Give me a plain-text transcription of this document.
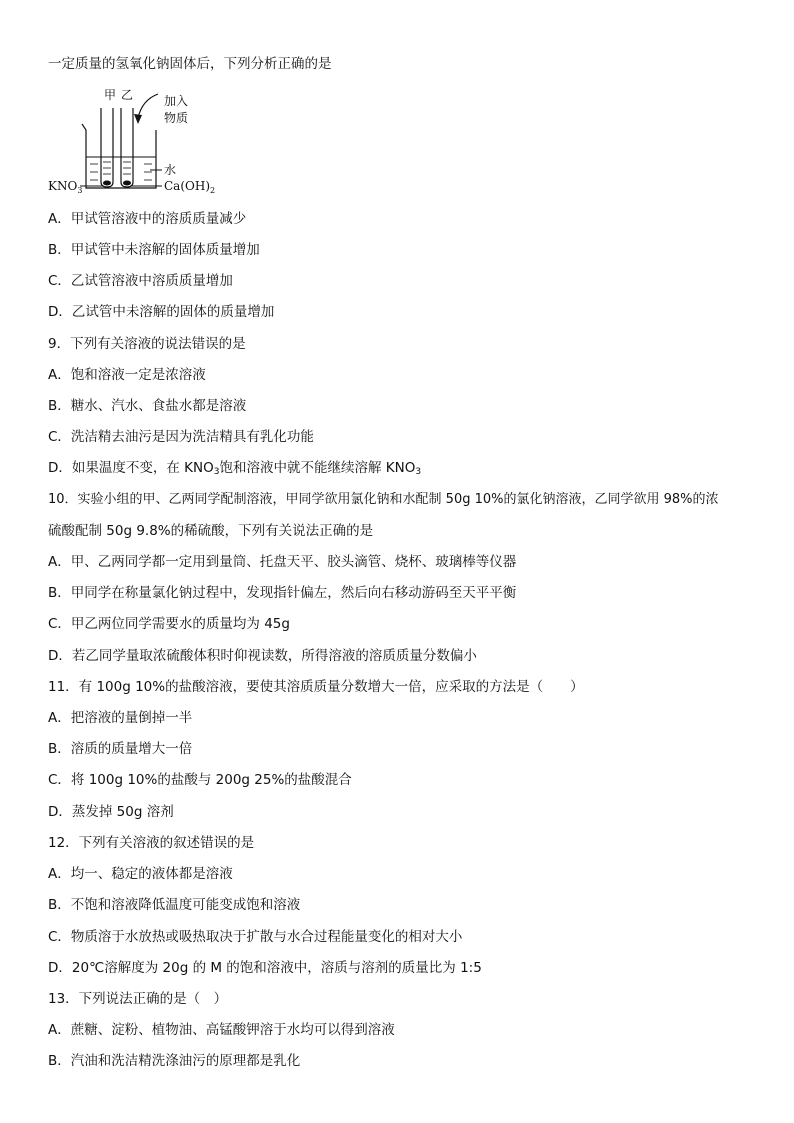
一定质量的氢氧化钠固体后，下列分析正确的是
甲 乙	加入
物质
水
$KNO_3$	$Ca(OH)_2$
A．甲试管溶液中的溶质质量减少
B．甲试管中未溶解的固体质量增加
C．乙试管溶液中溶质质量增加
D．乙试管中未溶解的固体的质量增加
9．下列有关溶液的说法错误的是
A．饱和溶液一定是浓溶液
B．糖水、汽水、食盐水都是溶液
C．洗洁精去油污是因为洗洁精具有乳化功能
D．如果温度不变，在 $KNO_3$饱和溶液中就不能继续溶解 $KNO_3$
10．实验小组的甲、乙两同学配制溶液，甲同学欲用氯化钠和水配制 50g 10%的氯化钠溶液，乙同学欲用 98%的浓
硫酸配制 50g 9.8%的稀硫酸，下列有关说法正确的是
A．甲、乙两同学都一定用到量筒、托盘天平、胶头滴管、烧杯、玻璃棒等仪器
B．甲同学在称量氯化钠过程中，发现指针偏左，然后向右移动游码至天平平衡
C．甲乙两位同学需要水的质量均为 45g
D．若乙同学量取浓硫酸体积时仰视读数，所得溶液的溶质质量分数偏小
11．有 100g 10%的盐酸溶液，要使其溶质质量分数增大一倍，应采取的方法是（　　）
A．把溶液的量倒掉一半
B．溶质的质量增大一倍
C．将 100g 10%的盐酸与 200g 25%的盐酸混合
D．蒸发掉 50g 溶剂
12．下列有关溶液的叙述错误的是
A．均一、稳定的液体都是溶液
B．不饱和溶液降低温度可能变成饱和溶液
C．物质溶于水放热或吸热取决于扩散与水合过程能量变化的相对大小
D．20℃溶解度为 20g 的 M 的饱和溶液中，溶质与溶剂的质量比为 1:5
13．下列说法正确的是（　）
A．蔗糖、淀粉、植物油、高锰酸钾溶于水均可以得到溶液
B．汽油和洗洁精洗涤油污的原理都是乳化
